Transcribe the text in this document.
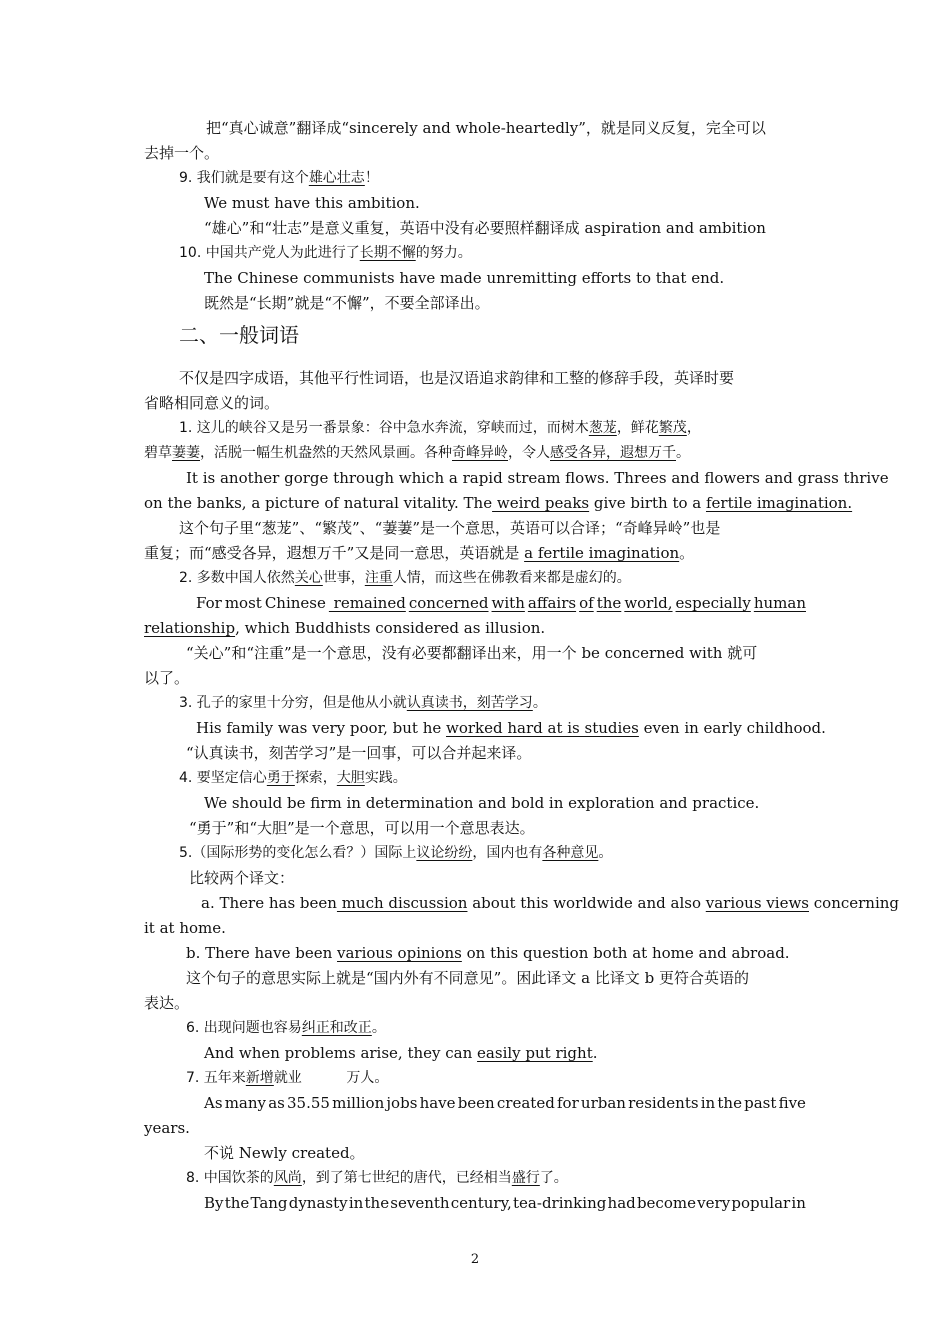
把“真心诚意”翻译成“sincerely and whole-heartedly”，就是同义反复，完全可以
去掉一个。
9. 我们就是要有这个雄心壮志！
We must have this ambition.
“雄心”和“壮志”是意义重复，英语中没有必要照样翻译成 aspiration and ambition
10. 中国共产党人为此进行了长期不懈的努力。
The Chinese communists have made unremitting efforts to that end.
既然是“长期”就是“不懈”，不要全部译出。
二、一般词语
不仅是四字成语，其他平行性词语，也是汉语追求韵律和工整的修辞手段，英译时要
省略相同意义的词。
1. 这儿的峡谷又是另一番景象：谷中急水奔流，穿峡而过，而树木葱茏，鲜花繁茂，
碧草萋萋，活脱一幅生机盎然的天然风景画。各种奇峰异岭，令人感受各异，遐想万千。
It is another gorge through which a rapid stream flows. Threes and flowers and grass thrive
on the banks, a picture of natural vitality. The weird peaks give birth to a fertile imagination.
这个句子里“葱茏”、“繁茂”、“萋萋”是一个意思，英语可以合译；“奇峰异岭”也是
重复；而“感受各异，遐想万千”又是同一意思，英语就是 a fertile imagination。
2. 多数中国人依然关心世事，注重人情，而这些在佛教看来都是虚幻的。
For most Chinese remained concerned with affairs of the world, especially human
relationship, which Buddhists considered as illusion.
“关心”和“注重”是一个意思，没有必要都翻译出来，用一个 be concerned with 就可
以了。
3. 孔子的家里十分穷，但是他从小就认真读书，刻苦学习。
His family was very poor, but he worked hard at is studies even in early childhood.
“认真读书，刻苦学习”是一回事，可以合并起来译。
4. 要坚定信心勇于探索，大胆实践。
We should be firm in determination and bold in exploration and practice.
“勇于”和“大胆”是一个意思，可以用一个意思表达。
5.（国际形势的变化怎么看？）国际上议论纷纷，国内也有各种意见。
比较两个译文：
a. There has been much discussion about this worldwide and also various views concerning
it at home.
b. There have been various opinions on this question both at home and abroad.
这个句子的意思实际上就是“国内外有不同意见”。困此译文 a 比译文 b 更符合英语的
表达。
6. 出现问题也容易纠正和改正。
And when problems arise, they can easily put right.
7. 五年来新增就业          万人。
As many as 35.55 million jobs have been created for urban residents in the past five
years.
不说 Newly created。
8. 中国饮茶的风尚，到了第七世纪的唐代，已经相当盛行了。
By the Tang dynasty in the seventh century, tea-drinking had become very popular in
2
